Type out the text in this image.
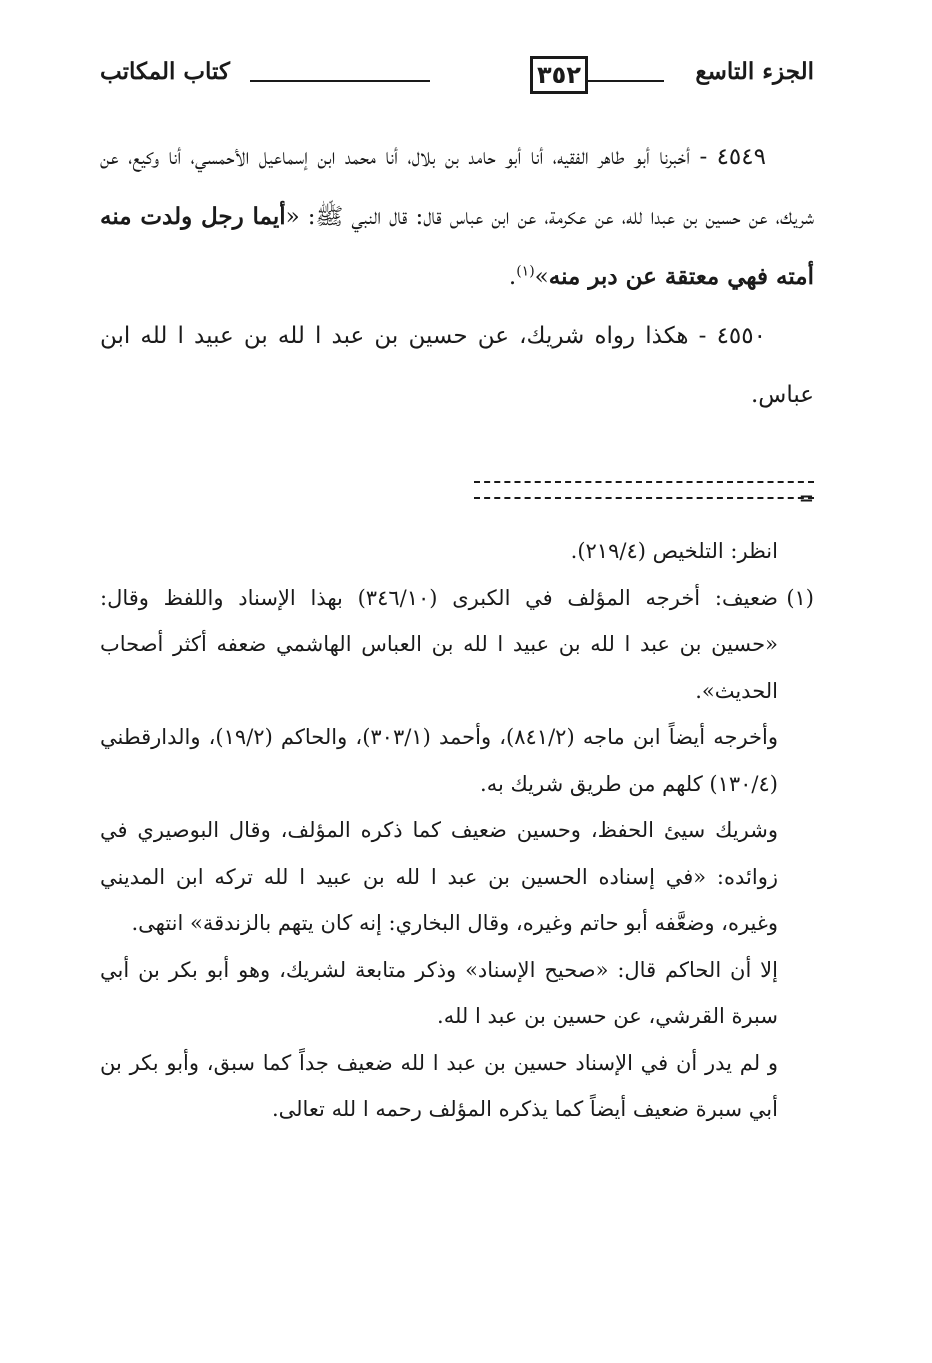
الجزء التاسع
٣٥٢
كتاب المكاتب

٤٥٤٩ - أخبرنا أبو طاهر الفقيه، أنا أبو حامد بن بلال، أنا محمد ابن إسماعيل الأحمسي، أنا وكيع، عن شريك، عن حسين بن عبدا لله، عن عكرمة، عن ابن عباس قال: قال النبي ﷺ: «أيما رجل ولدت منه أمته فهي معتقة عن دبر منه»$^{(١)}$.

٤٥٥٠ - هكذا رواه شريك، عن حسين بن عبد ا لله بن عبيد ا لله ابن عباس.

=

انظر: التلخيص (٢١٩/٤).

(١)

ضعيف: أخرجه المؤلف في الكبرى (٣٤٦/١٠) بهذا الإسناد واللفظ وقال: «حسين بن عبد ا لله بن عبيد ا لله بن العباس الهاشمي ضعفه أكثر أصحاب الحديث».

وأخرجه أيضاً ابن ماجه (٨٤١/٢)، وأحمد (٣٠٣/١)، والحاكم (١٩/٢)، والدارقطني (١٣٠/٤) كلهم من طريق شريك به.

وشريك سيئ الحفظ، وحسين ضعيف كما ذكره المؤلف، وقال البوصيري في زوائده: «في إسناده الحسين بن عبد ا لله بن عبيد ا لله تركه ابن المديني وغيره، وضعَّفه أبو حاتم وغيره، وقال البخاري: إنه كان يتهم بالزندقة» انتهى.

إلا أن الحاكم قال: «صحيح الإسناد» وذكر متابعة لشريك، وهو أبو بكر بن أبي سبرة القرشي، عن حسين بن عبد ا لله.

و لم يدر أن في الإسناد حسين بن عبد ا لله ضعيف جداً كما سبق، وأبو بكر بن أبي سبرة ضعيف أيضاً كما يذكره المؤلف رحمه ا لله تعالى.
